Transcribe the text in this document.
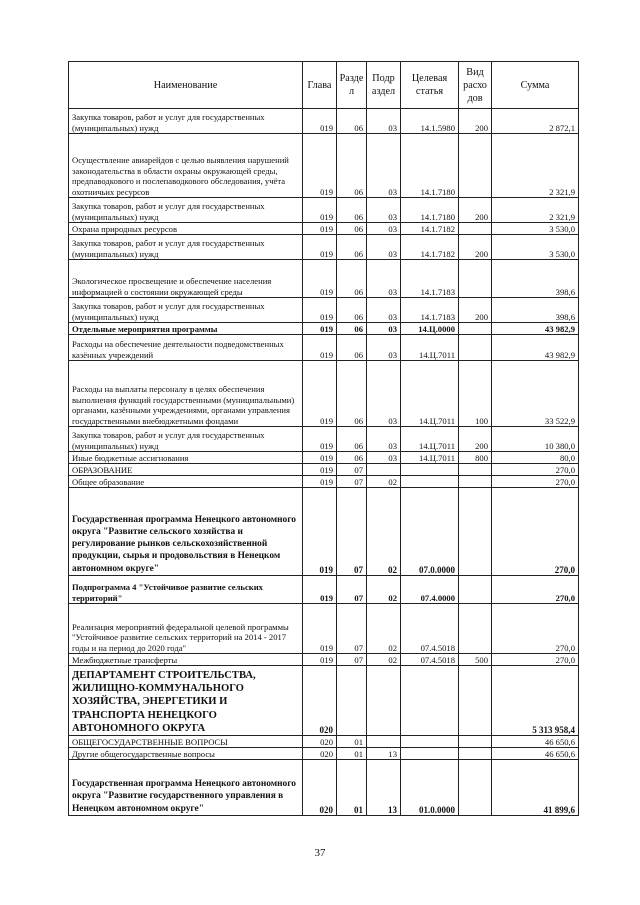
Наименование	Глава	Разде л	Подр аздел	Целевая статья	Вид расхо дов	Сумма
Закупка товаров, работ и услуг для государственных (муниципальных) нужд	019	06	03	14.1.5980	200	2 872,1
Осуществление авиарейдов с целью выявления нарушений законодательства в области охраны окружающей среды, предпаводкового и послепаводкового обследования, учёта охотничьих ресурсов	019	06	03	14.1.7180		2 321,9
Закупка товаров, работ и услуг для государственных (муниципальных) нужд	019	06	03	14.1.7180	200	2 321,9
Охрана природных ресурсов	019	06	03	14.1.7182		3 530,0
Закупка товаров, работ и услуг для государственных (муниципальных) нужд	019	06	03	14.1.7182	200	3 530,0
Экологическое просвещение и обеспечение населения информацией о состоянии окружающей среды	019	06	03	14.1.7183		398,6
Закупка товаров, работ и услуг для государственных (муниципальных) нужд	019	06	03	14.1.7183	200	398,6
Отдельные мероприятия программы	019	06	03	14.Ц.0000		43 982,9
Расходы на обеспечение деятельности подведомственных казённых учреждений	019	06	03	14.Ц.7011		43 982,9
Расходы на выплаты персоналу в целях обеспечения выполнения функций государственными (муниципальными) органами, казёнными учреждениями, органами управления государственными внебюджетными фондами	019	06	03	14.Ц.7011	100	33 522,9
Закупка товаров, работ и услуг для государственных (муниципальных) нужд	019	06	03	14.Ц.7011	200	10 380,0
Иные бюджетные ассигнования	019	06	03	14.Ц.7011	800	80,0
ОБРАЗОВАНИЕ	019	07				270,0
Общее образование	019	07	02			270,0
Государственная программа Ненецкого автономного округа "Развитие сельского хозяйства и регулирование рынков сельскохозяйственной продукции, сырья и продовольствия в Ненецком автономном округе"	019	07	02	07.0.0000		270,0
Подпрограмма 4 "Устойчивое развитие сельских территорий"	019	07	02	07.4.0000		270,0
Реализация мероприятий федеральной целевой программы "Устойчивое развитие сельских территорий на 2014 - 2017 годы и на период до 2020 года"	019	07	02	07.4.5018		270,0
Межбюджетные трансферты	019	07	02	07.4.5018	500	270,0
ДЕПАРТАМЕНТ СТРОИТЕЛЬСТВА, ЖИЛИЩНО-КОММУНАЛЬНОГО ХОЗЯЙСТВА, ЭНЕРГЕТИКИ И ТРАНСПОРТА НЕНЕЦКОГО АВТОНОМНОГО ОКРУГА	020					5 313 958,4
ОБЩЕГОСУДАРСТВЕННЫЕ ВОПРОСЫ	020	01				46 650,6
Другие общегосударственные вопросы	020	01	13			46 650,6
Государственная программа Ненецкого автономного округа "Развитие государственного управления в Ненецком автономном округе"	020	01	13	01.0.0000		41 899,6
37
